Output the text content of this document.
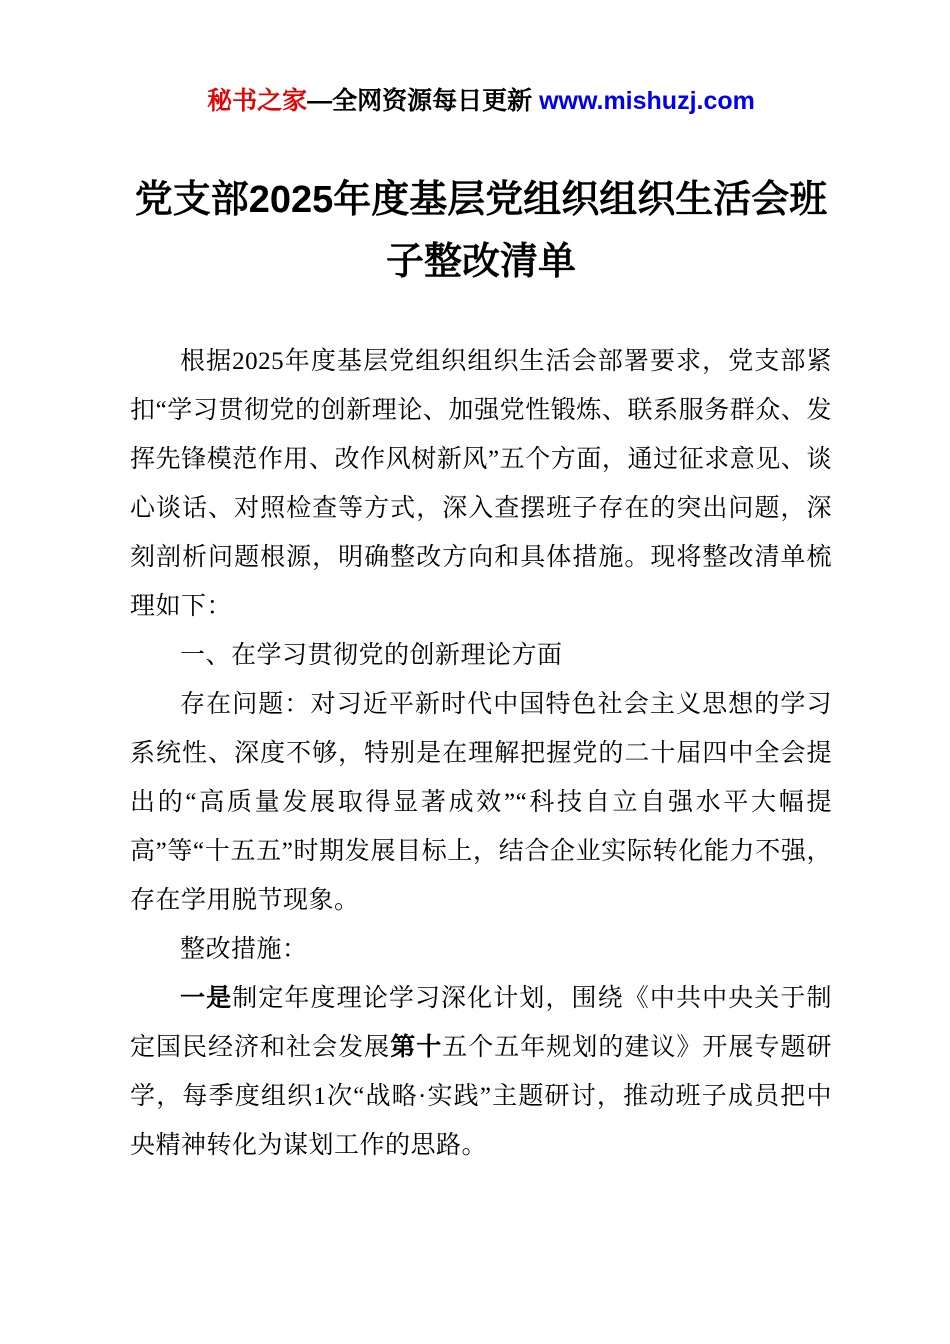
秘书之家—全网资源每日更新 www.mishuzj.com
党支部2025年度基层党组织组织生活会班子整改清单

根据2025年度基层党组织组织生活会部署要求，党支部紧扣“学习贯彻党的创新理论、加强党性锻炼、联系服务群众、发挥先锋模范作用、改作风树新风”五个方面，通过征求意见、谈心谈话、对照检查等方式，深入查摆班子存在的突出问题，深刻剖析问题根源，明确整改方向和具体措施。现将整改清单梳理如下：

一、在学习贯彻党的创新理论方面

存在问题：对习近平新时代中国特色社会主义思想的学习系统性、深度不够，特别是在理解把握党的二十届四中全会提出的“高质量发展取得显著成效”“科技自立自强水平大幅提高”等“十五五”时期发展目标上，结合企业实际转化能力不强，存在学用脱节现象。

整改措施：

一是制定年度理论学习深化计划，围绕《中共中央关于制定国民经济和社会发展第十五个五年规划的建议》开展专题研学，每季度组织1次“战略·实践”主题研讨，推动班子成员把中央精神转化为谋划工作的思路。
